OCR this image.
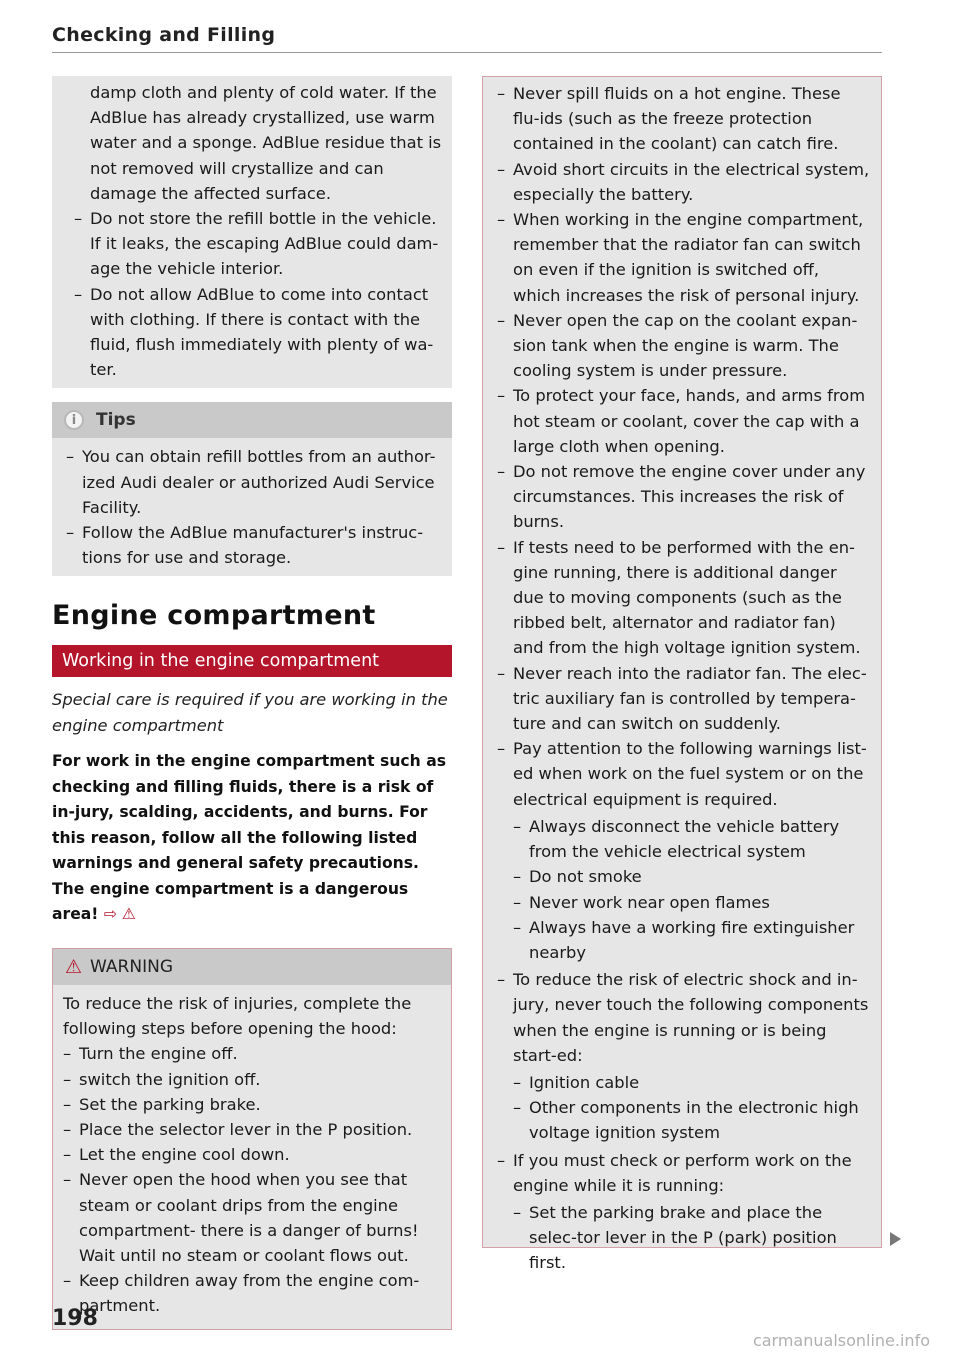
Checking and Filling
damp cloth and plenty of cold water. If the AdBlue has already crystallized, use warm water and a sponge. AdBlue residue that is not removed will crystallize and can damage the affected surface.
– Do not store the refill bottle in the vehicle. If it leaks, the escaping AdBlue could dam-age the vehicle interior.
– Do not allow AdBlue to come into contact with clothing. If there is contact with the fluid, flush immediately with plenty of wa-ter.
i	Tips
– You can obtain refill bottles from an author-ized Audi dealer or authorized Audi Service Facility.
– Follow the AdBlue manufacturer's instruc-tions for use and storage.
Engine compartment
Working in the engine compartment
Special care is required if you are working in the engine compartment
For work in the engine compartment such as checking and filling fluids, there is a risk of in-jury, scalding, accidents, and burns. For this reason, follow all the following listed warnings and general safety precautions. The engine compartment is a dangerous area! ⇨ ⚠
⚠ WARNING
To reduce the risk of injuries, complete the following steps before opening the hood:
– Turn the engine off.
– switch the ignition off.
– Set the parking brake.
– Place the selector lever in the P position.
– Let the engine cool down.
– Never open the hood when you see that steam or coolant drips from the engine compartment- there is a danger of burns! Wait until no steam or coolant flows out.
– Keep children away from the engine com-partment.
– Never spill fluids on a hot engine. These flu-ids (such as the freeze protection contained in the coolant) can catch fire.
– Avoid short circuits in the electrical system, especially the battery.
– When working in the engine compartment, remember that the radiator fan can switch on even if the ignition is switched off, which increases the risk of personal injury.
– Never open the cap on the coolant expan-sion tank when the engine is warm. The cooling system is under pressure.
– To protect your face, hands, and arms from hot steam or coolant, cover the cap with a large cloth when opening.
– Do not remove the engine cover under any circumstances. This increases the risk of burns.
– If tests need to be performed with the en-gine running, there is additional danger due to moving components (such as the ribbed belt, alternator and radiator fan) and from the high voltage ignition system.
– Never reach into the radiator fan. The elec-tric auxiliary fan is controlled by tempera-ture and can switch on suddenly.
– Pay attention to the following warnings list-ed when work on the fuel system or on the electrical equipment is required.
– Always disconnect the vehicle battery from the vehicle electrical system
– Do not smoke
– Never work near open flames
– Always have a working fire extinguisher nearby
– To reduce the risk of electric shock and in-jury, never touch the following components when the engine is running or is being start-ed:
– Ignition cable
– Other components in the electronic high voltage ignition system
– If you must check or perform work on the engine while it is running:
– Set the parking brake and place the selec-tor lever in the P (park) position first.
198
carmanualsonline.info
